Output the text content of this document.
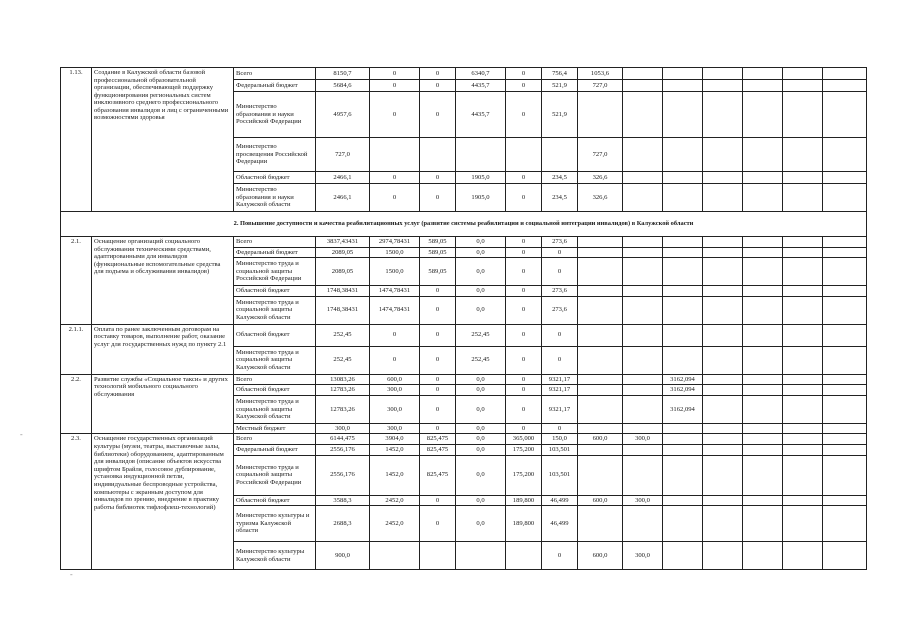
1.13.	Создание в Калужской области базовой профессиональной образовательной организации, обеспечивающей поддержку функционирования региональных систем инклюзивного среднего профессионального образования инвалидов и лиц с ограниченными возможностями здоровья	Всего	8150,7	0	0	6340,7	0	756,4	1053,6							
		Федеральный бюджет	5684,6	0	0	4435,7	0	521,9	727,0							
		Министерство образования и науки Российской Федерации	4957,6	0	0	4435,7	0	521,9								
		Министерство просвещения Российской Федерации	727,0						727,0							
		Областной бюджет	2466,1	0	0	1905,0	0	234,5	326,6							
		Министерство образования и науки Калужской области	2466,1	0	0	1905,0	0	234,5	326,6							
2. Повышение доступности и качества реабилитационных услуг (развитие системы реабилитации и социальной интеграции инвалидов) в Калужской области																
2.1.	Оснащение организаций социального обслуживания техническими средствами, адаптированными для инвалидов (функциональные вспомогательные средства для подъема и обслуживания инвалидов)	Всего	3837,43431	2974,78431	589,05	0,0	0	273,6								
		Федеральный бюджет	2089,05	1500,0	589,05	0,0	0	0								
		Министерство труда и социальной защиты Российской Федерации	2089,05	1500,0	589,05	0,0	0	0								
		Областной бюджет	1748,38431	1474,78431	0	0,0	0	273,6								
		Министерство труда и социальной защиты Калужской области	1748,38431	1474,78431	0	0,0	0	273,6								
2.1.1.	Оплата по ранее заключенным договорам на поставку товаров, выполнение работ, оказание услуг для государственных нужд по пункту 2.1	Областной бюджет	252,45	0	0	252,45	0	0								
		Министерство труда и социальной защиты Калужской области	252,45	0	0	252,45	0	0								
2.2.	Развитие службы «Социальное такси» и других технологий мобильного социального обслуживания	Всего	13083,26	600,0	0	0,0	0	9321,17			3162,094					
		Областной бюджет	12783,26	300,0	0	0,0	0	9321,17			3162,094					
		Министерство труда и социальной защиты Калужской области	12783,26	300,0	0	0,0	0	9321,17			3162,094					
		Местный бюджет	300,0	300,0	0	0,0	0	0								
2.3.	Оснащение государственных организаций культуры (музеи, театры, выставочные залы, библиотеки) оборудованием, адаптированным для инвалидов (описание объектов искусства шрифтом Брайля, голосовое дублирование, установка индукционной петли, индивидуальные беспроводные устройства, компьютеры с экранным доступом для инвалидов по зрению, внедрение в практику работы библиотек тифлофлеш-технологий)	Всего	6144,475	3904,0	825,475	0,0	365,000	150,0	600,0	300,0						
		Федеральный бюджет	2556,176	1452,0	825,475	0,0	175,200	103,501								
		Министерство труда и социальной защиты Российской Федерации	2556,176	1452,0	825,475	0,0	175,200	103,501								
		Областной бюджет	3588,3	2452,0	0	0,0	189,800	46,499	600,0	300,0						
		Министерство культуры и туризма Калужской области	2688,3	2452,0	0	0,0	189,800	46,499								
		Министерство культуры Калужской области	900,0					0	600,0	300,0						
-
-
